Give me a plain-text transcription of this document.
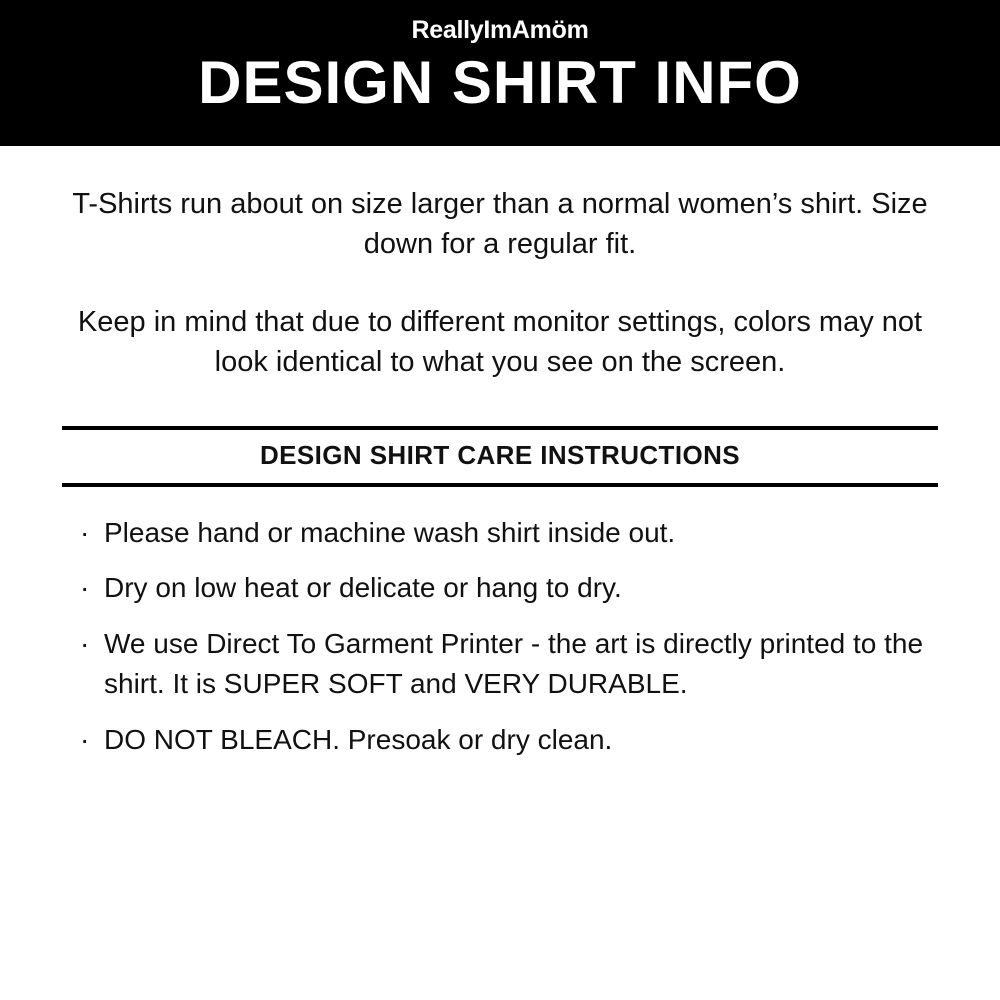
ReallyImAmöm
DESIGN SHIRT INFO

T-Shirts run about on size larger than a normal women’s shirt. Size down for a regular fit.

Keep in mind that due to different monitor settings, colors may not look identical to what you see on the screen.

DESIGN SHIRT CARE INSTRUCTIONS
· Please hand or machine wash shirt inside out.
· Dry on low heat or delicate or hang to dry.
· We use Direct To Garment Printer - the art is directly printed to the shirt. It is SUPER SOFT and VERY DURABLE.
· DO NOT BLEACH. Presoak or dry clean.
